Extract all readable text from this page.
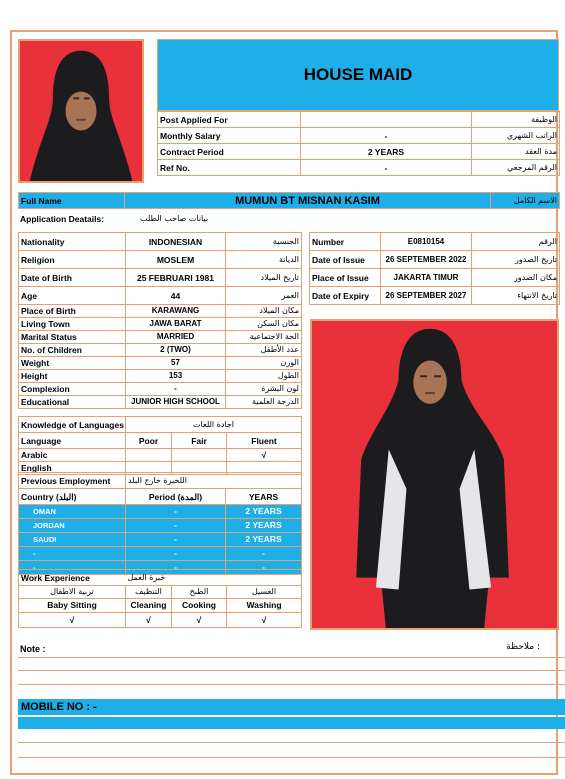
HOUSE MAID
Post Applied For		الوظيفة
Monthly Salary	-	الراتب الشهري
Contract Period	2 YEARS	مدة العقد
Ref No.	-	الرقم المرجعي
Full Name	MUMUN BT MISNAN KASIM	الاسم الكامل
Application Deatails:	بيانات صاحب الطلب
Nationality	INDONESIAN	الجنسية
Religion	MOSLEM	الديانة
Date of Birth	25 FEBRUARI 1981	تاريخ الميلاد
Age	44	العمر
Place of Birth	KARAWANG	مكان الميلاد
Living Town	JAWA BARAT	مكان السكن
Marital Status	MARRIED	الحة الاجتماعية
No. of Children	2 (TWO)	عدد الأطفل
Weight	57	الوزن
Height	153	الطول
Complexion	-	لون البشرة
Educational	JUNIOR HIGH SCHOOL	الدرجة العلمية
Number	E0810154	الرقم
Date of Issue	26 SEPTEMBER 2022	تاريخ الصدور
Place of Issue	JAKARTA TIMUR	مكان الصدور
Date of Expiry	26 SEPTEMBER 2027	تاريخ الانتهاء
Knowledge of Languages	اجادة اللغات		
Language	Poor	Fair	Fluent
Arabic			√
English			
Previous Employment	اللخبرة خارج البلد	
Country (البلد)	Period (المدة)	YEARS
OMAN	-	2 YEARS
JORDAN	-	2 YEARS
SAUDI	-	2 YEARS
-	-	-
-	-	-
Work Experience	خبرة العمل		
تربية الاطفال	التنظيف	الطبخ	الغسيل
Baby Sitting	Cleaning	Cooking	Washing
√	√	√	√
Note :	ملاحظة :
MOBILE NO : -
